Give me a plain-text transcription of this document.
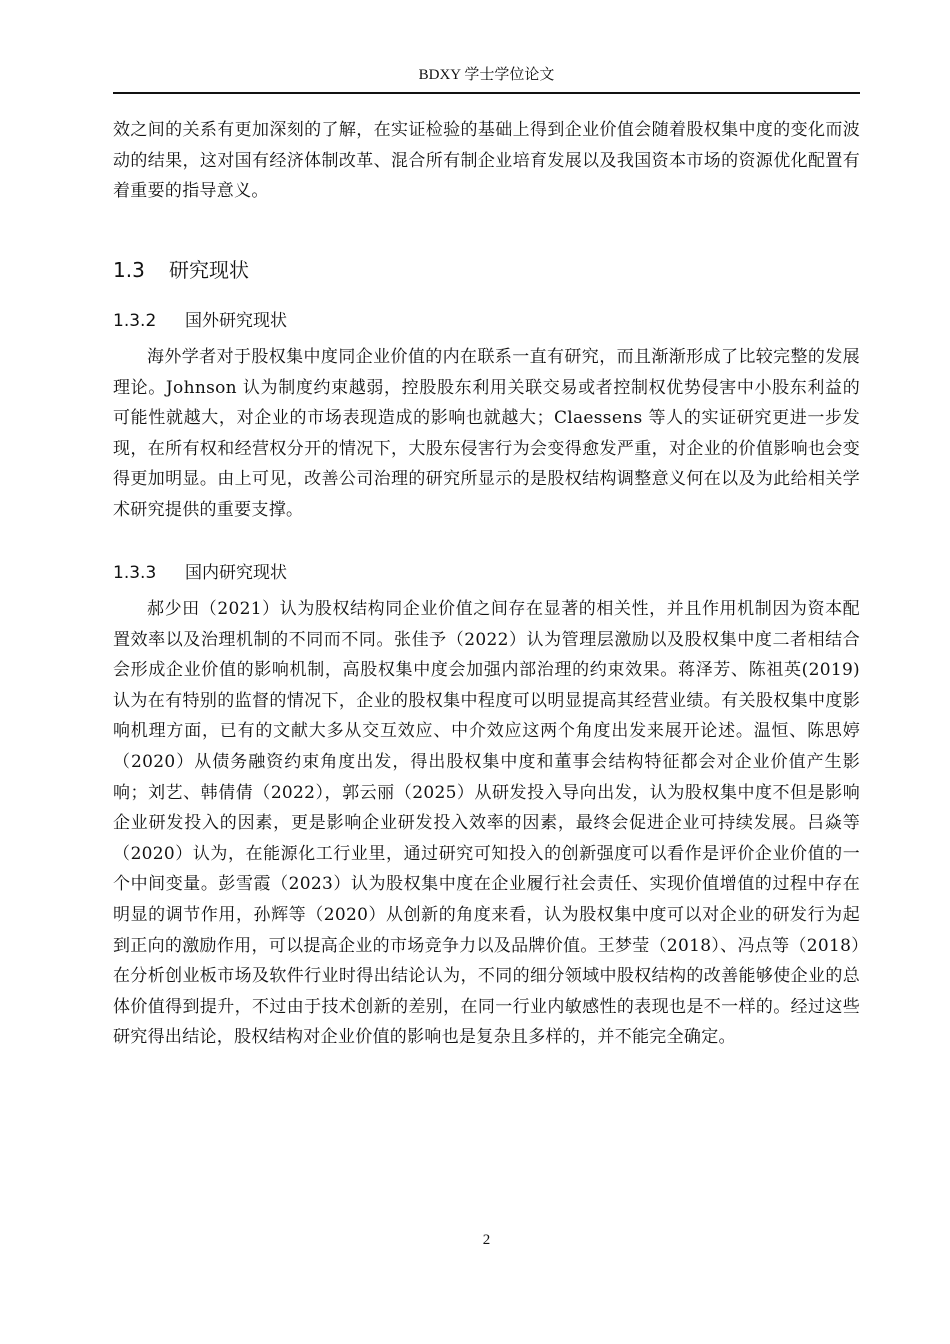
BDXY 学士学位论文

效之间的关系有更加深刻的了解，在实证检验的基础上得到企业价值会随着股权集中度的变化而波动的结果，这对国有经济体制改革、混合所有制企业培育发展以及我国资本市场的资源优化配置有着重要的指导意义。

1.3 研究现状
1.3.2 国外研究现状

海外学者对于股权集中度同企业价值的内在联系一直有研究，而且渐渐形成了比较完整的发展理论。Johnson 认为制度约束越弱，控股股东利用关联交易或者控制权优势侵害中小股东利益的可能性就越大，对企业的市场表现造成的影响也就越大；Claessens 等人的实证研究更进一步发现，在所有权和经营权分开的情况下，大股东侵害行为会变得愈发严重，对企业的价值影响也会变得更加明显。由上可见，改善公司治理的研究所显示的是股权结构调整意义何在以及为此给相关学术研究提供的重要支撑。

1.3.3 国内研究现状

郝少田（2021）认为股权结构同企业价值之间存在显著的相关性，并且作用机制因为资本配置效率以及治理机制的不同而不同。张佳予（2022）认为管理层激励以及股权集中度二者相结合会形成企业价值的影响机制，高股权集中度会加强内部治理的约束效果。蒋泽芳、陈祖英(2019)认为在有特别的监督的情况下，企业的股权集中程度可以明显提高其经营业绩。有关股权集中度影响机理方面，已有的文献大多从交互效应、中介效应这两个角度出发来展开论述。温恒、陈思婷（2020）从债务融资约束角度出发，得出股权集中度和董事会结构特征都会对企业价值产生影响；刘艺、韩倩倩（2022），郭云丽（2025）从研发投入导向出发，认为股权集中度不但是影响企业研发投入的因素，更是影响企业研发投入效率的因素，最终会促进企业可持续发展。吕焱等（2020）认为，在能源化工行业里，通过研究可知投入的创新强度可以看作是评价企业价值的一个中间变量。彭雪霞（2023）认为股权集中度在企业履行社会责任、实现价值增值的过程中存在明显的调节作用，孙辉等（2020）从创新的角度来看，认为股权集中度可以对企业的研发行为起到正向的激励作用，可以提高企业的市场竞争力以及品牌价值。王梦莹（2018）、冯点等（2018）在分析创业板市场及软件行业时得出结论认为，不同的细分领域中股权结构的改善能够使企业的总体价值得到提升，不过由于技术创新的差别，在同一行业内敏感性的表现也是不一样的。经过这些研究得出结论，股权结构对企业价值的影响也是复杂且多样的，并不能完全确定。

2
